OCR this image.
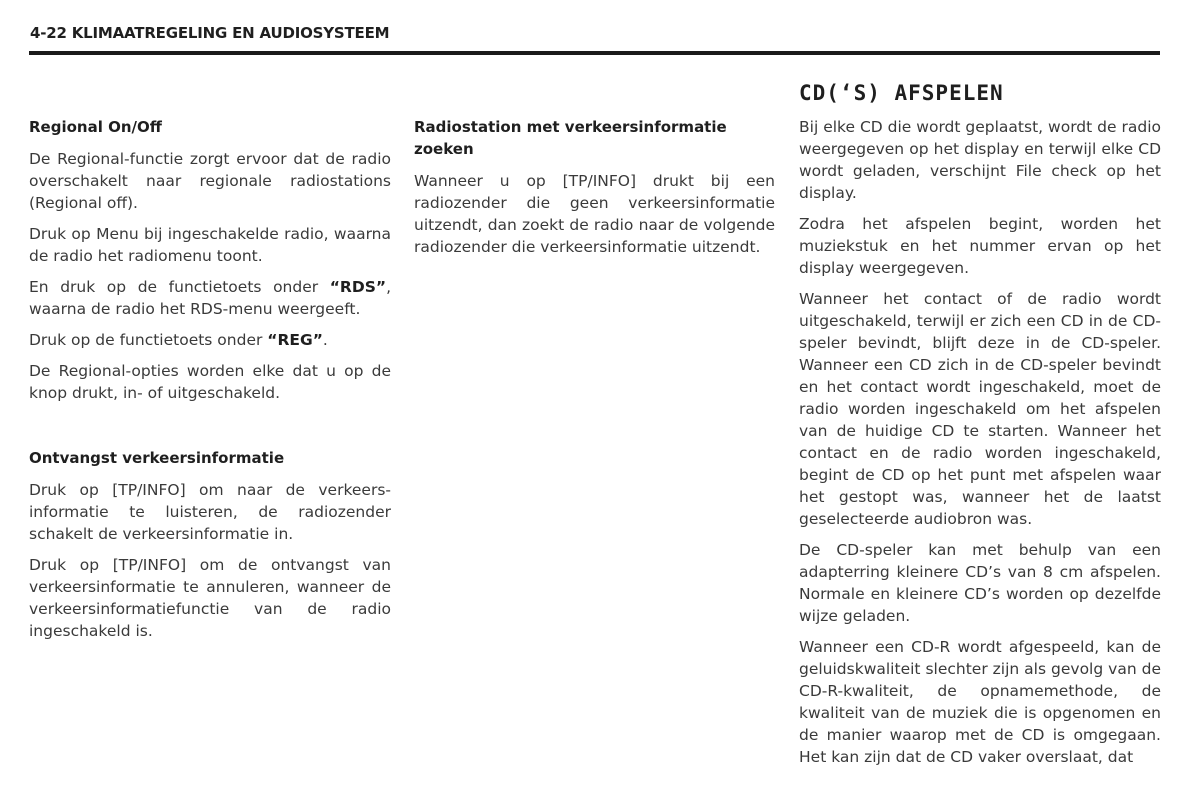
4-22 KLIMAATREGELING EN AUDIOSYSTEEM
Regional On/Off

De Regional-functie zorgt ervoor dat de radio overschakelt naar regionale radiostations (Regional off).

Druk op Menu bij ingeschakelde radio, waarna de radio het radiomenu toont.

En druk op de functietoets onder “RDS”, waarna de radio het RDS-menu weergeeft.

Druk op de functietoets onder “REG”.

De Regional-opties worden elke dat u op de knop drukt, in- of uitgeschakeld.

Ontvangst verkeersinformatie

Druk op [TP/INFO] om naar de verkeers-informatie te luisteren, de radiozender schakelt de verkeersinformatie in.

Druk op [TP/INFO] om de ontvangst van verkeersinformatie te annuleren, wanneer de verkeersinformatiefunctie van de radio ingeschakeld is.

Radiostation met verkeersinformatie zoeken

Wanneer u op [TP/INFO] drukt bij een radiozender die geen verkeersinformatie uitzendt, dan zoekt de radio naar de volgende radiozender die verkeersinformatie uitzendt.

CD(‘S) AFSPELEN

Bij elke CD die wordt geplaatst, wordt de radio weergegeven op het display en terwijl elke CD wordt geladen, verschijnt File check op het display.

Zodra het afspelen begint, worden het muziekstuk en het nummer ervan op het display weergegeven.

Wanneer het contact of de radio wordt uitgeschakeld, terwijl er zich een CD in de CD-speler bevindt, blijft deze in de CD-speler. Wanneer een CD zich in de CD-speler bevindt en het contact wordt ingeschakeld, moet de radio worden ingeschakeld om het afspelen van de huidige CD te starten. Wanneer het contact en de radio worden ingeschakeld, begint de CD op het punt met afspelen waar het gestopt was, wanneer het de laatst geselecteerde audiobron was.

De CD-speler kan met behulp van een adapterring kleinere CD’s van 8 cm afspelen. Normale en kleinere CD’s worden op dezelfde wijze geladen.

Wanneer een CD-R wordt afgespeeld, kan de geluidskwaliteit slechter zijn als gevolg van de CD-R-kwaliteit, de opnamemethode, de kwaliteit van de muziek die is opgenomen en de manier waarop met de CD is omgegaan. Het kan zijn dat de CD vaker overslaat, dat
